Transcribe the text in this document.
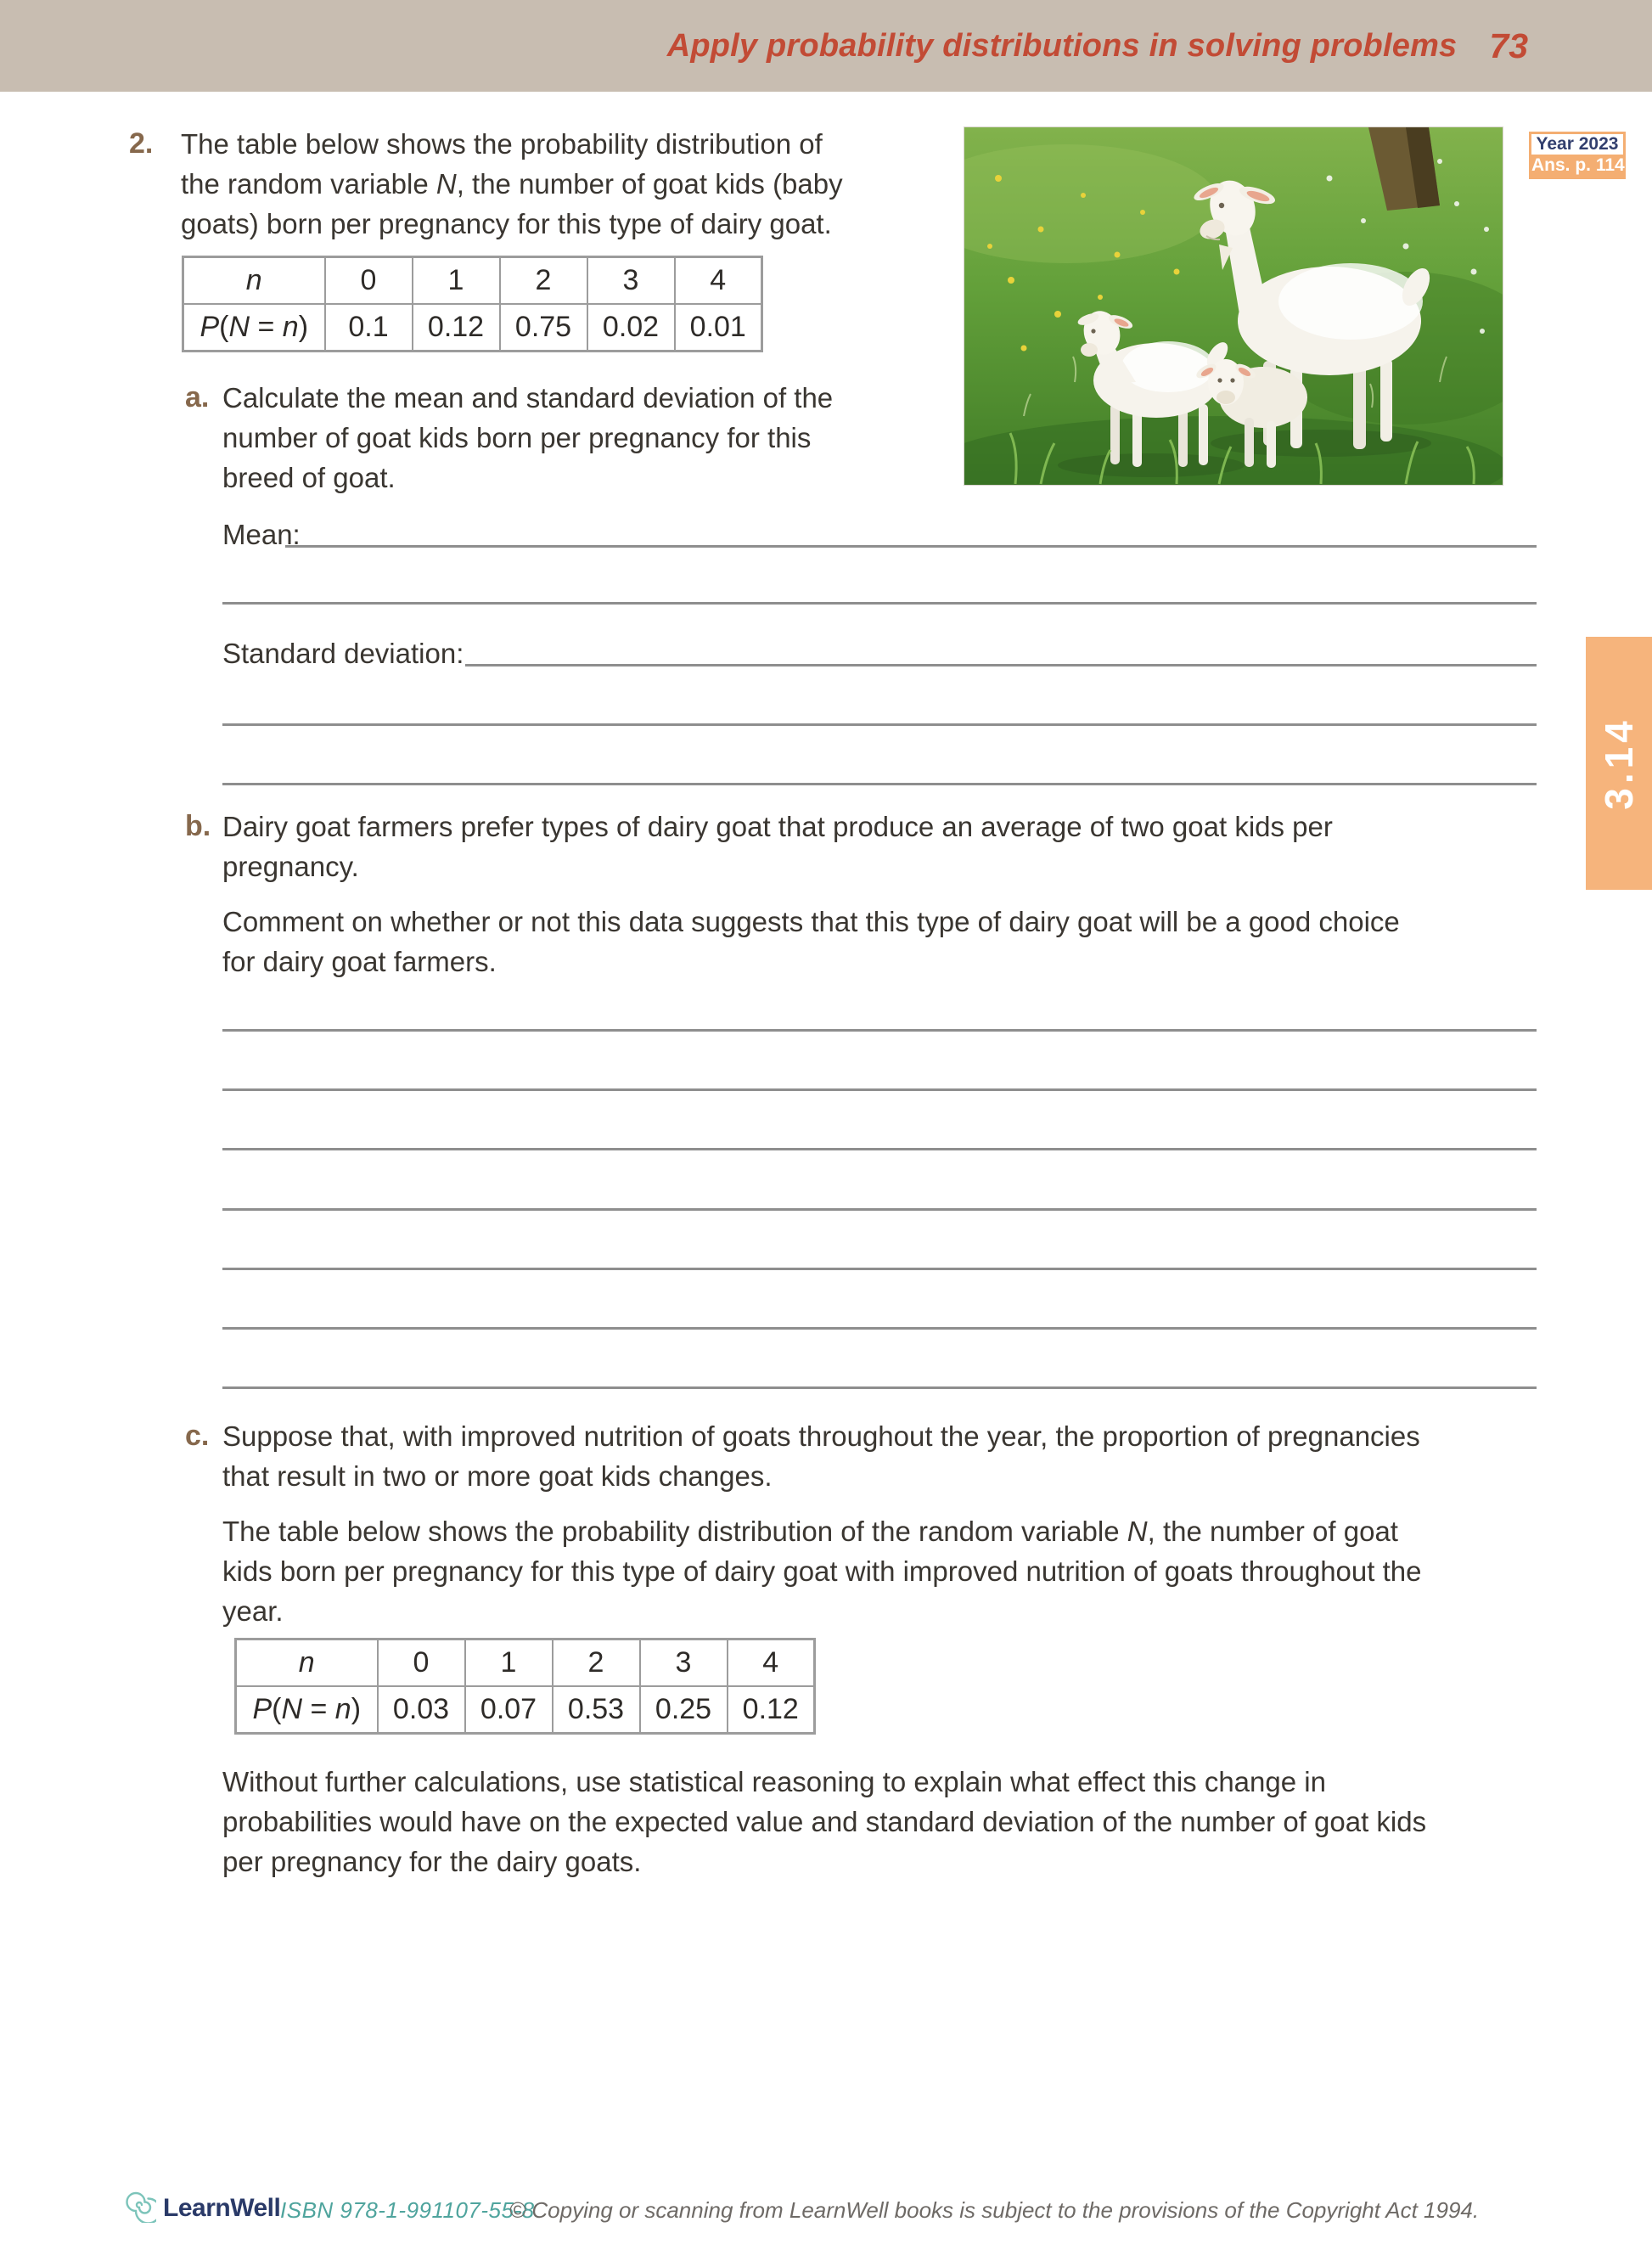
Apply probability distributions in solving problems 73
2. The table below shows the probability distribution of
the random variable N, the number of goat kids (baby
goats) born per pregnancy for this type of dairy goat.
n	0	1	2	3	4
P(N = n)	0.1	0.12	0.75	0.02	0.01
Year 2023
Ans. p. 114
a. Calculate the mean and standard deviation of the
number of goat kids born per pregnancy for this
breed of goat.
Mean:
Standard deviation:
3.14
b. Dairy goat farmers prefer types of dairy goat that produce an average of two goat kids per
pregnancy.
Comment on whether or not this data suggests that this type of dairy goat will be a good choice
for dairy goat farmers.
c. Suppose that, with improved nutrition of goats throughout the year, the proportion of pregnancies
that result in two or more goat kids changes.
The table below shows the probability distribution of the random variable N, the number of goat
kids born per pregnancy for this type of dairy goat with improved nutrition of goats throughout the
year.
n	0	1	2	3	4
P(N = n)	0.03	0.07	0.53	0.25	0.12
Without further calculations, use statistical reasoning to explain what effect this change in
probabilities would have on the expected value and standard deviation of the number of goat kids
per pregnancy for the dairy goats.
LearnWell ISBN 978-1-991107-55-8
© Copying or scanning from LearnWell books is subject to the provisions of the Copyright Act 1994.
